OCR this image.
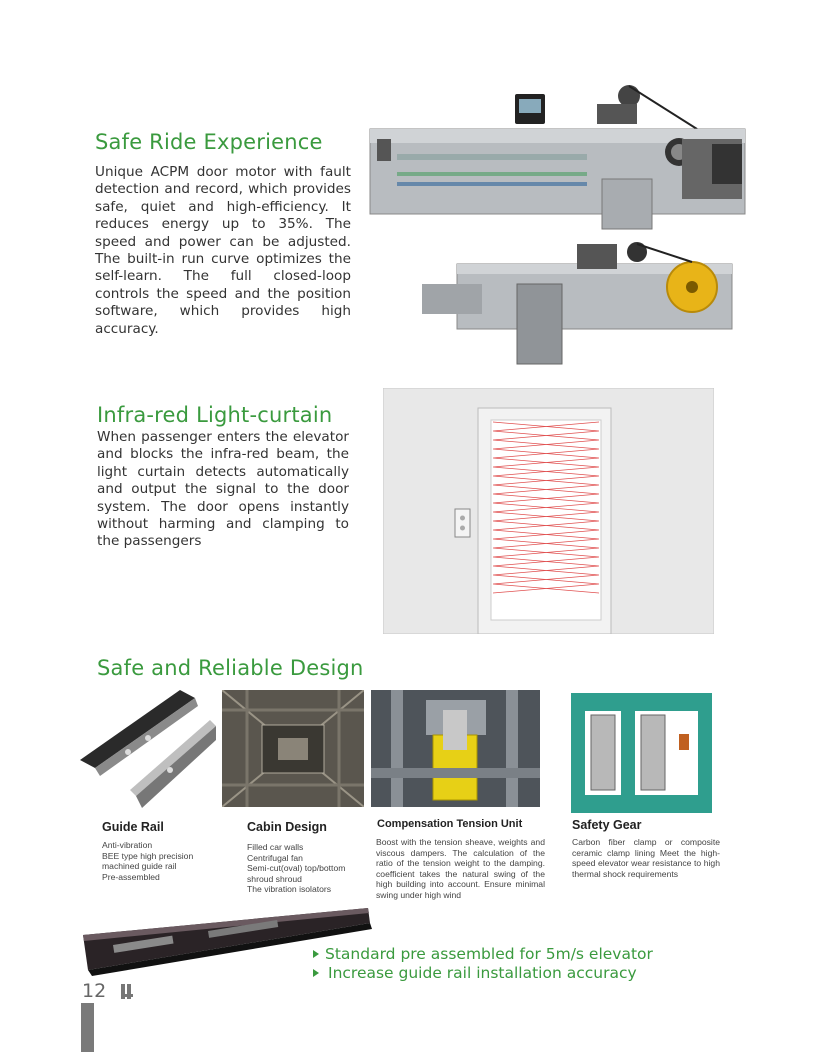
Safe Ride Experience

Unique ACPM door motor with fault detection and record, which provides safe, quiet and high-efficiency. It reduces energy up to 35%. The speed and power can be adjusted. The built-in run curve optimizes the self-learn. The full closed-loop controls the speed and the position software, which provides high accuracy.

Infra-red Light-curtain

When passenger enters the elevator and blocks the infra-red beam, the light curtain detects automatically and output the signal to the door system. The door opens instantly without harming and clamping to the passengers

Safe and Reliable Design
Guide Rail	Cabin Design	Compensation Tension Unit	Safety Gear
Anti-vibration
BEE type high precision
machined guide rail
Pre-assembled
Filled car walls
Centrifugal fan
Semi-cut(oval) top/bottom
shroud shroud
The vibration isolators
Boost with the tension sheave, weights and viscous dampers. The calculation of the ratio of the tension weight to the damping. coefficient takes the natural swing of the high building into account. Ensure minimal swing under high wind
Carbon fiber clamp or composite ceramic clamp lining Meet the high-speed elevator wear resistance to high thermal shock requirements
Standard pre assembled for 5m/s elevator
Increase guide rail installation accuracy
12
